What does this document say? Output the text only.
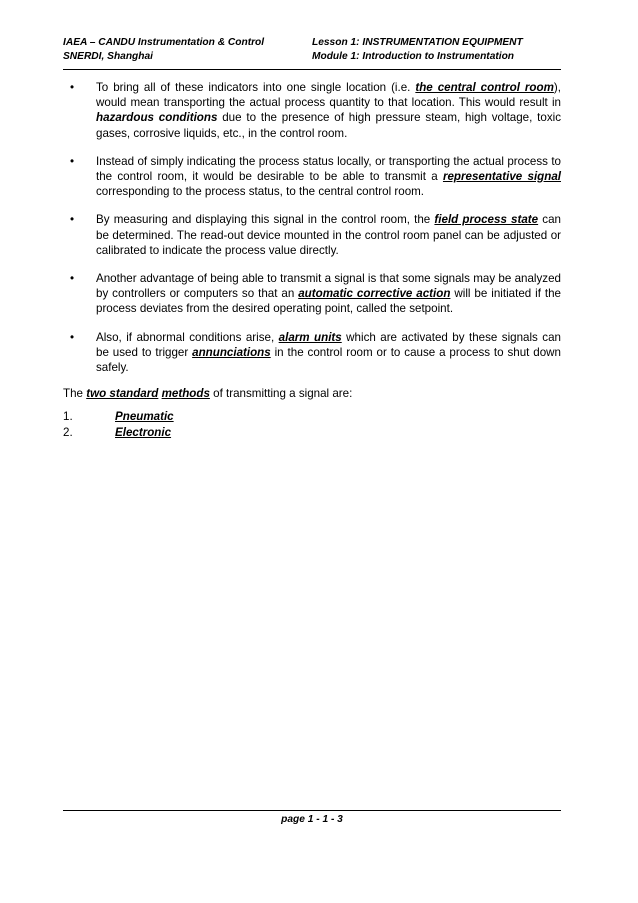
IAEA – CANDU Instrumentation & Control	Lesson 1: INSTRUMENTATION EQUIPMENT
SNERDI, Shanghai	Module 1: Introduction to Instrumentation
• To bring all of these indicators into one single location (i.e. the central control room), would mean transporting the actual process quantity to that location. This would result in hazardous conditions due to the presence of high pressure steam, high voltage, toxic gases, corrosive liquids, etc., in the control room.
• Instead of simply indicating the process status locally, or transporting the actual process to the control room, it would be desirable to be able to transmit a representative signal corresponding to the process status, to the central control room.
• By measuring and displaying this signal in the control room, the field process state can be determined. The read-out device mounted in the control room panel can be adjusted or calibrated to indicate the process value directly.
• Another advantage of being able to transmit a signal is that some signals may be analyzed by controllers or computers so that an automatic corrective action will be initiated if the process deviates from the desired operating point, called the setpoint.
• Also, if abnormal conditions arise, alarm units which are activated by these signals can be used to trigger annunciations in the control room or to cause a process to shut down safely.

The two standard methods of transmitting a signal are:

1.	Pneumatic
2.	Electronic
page 1 - 1 - 3
